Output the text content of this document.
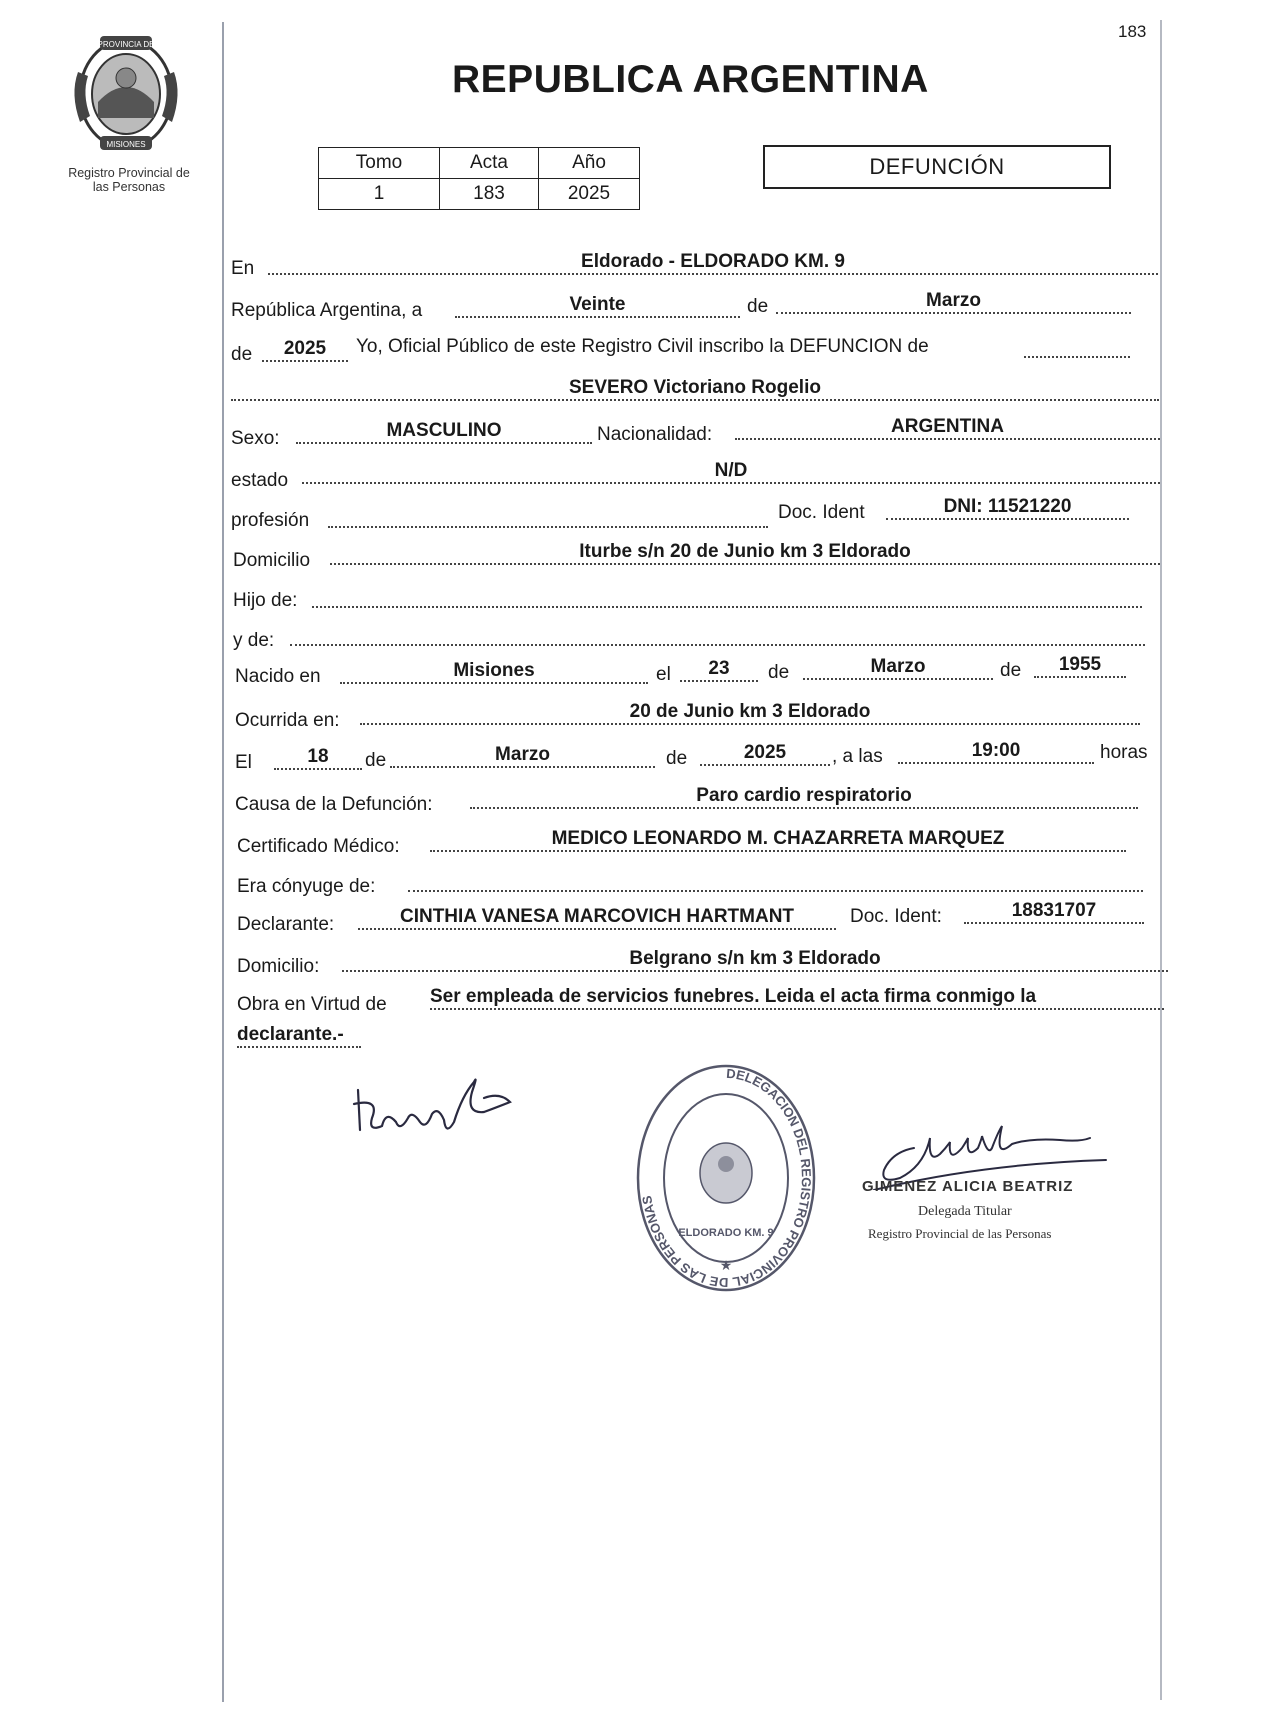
183
PROVINCIA DE
MISIONES
Registro Provincial de
las Personas
REPUBLICA ARGENTINA
Tomo	Acta	Año
1	183	2025
DEFUNCIÓN
En	Eldorado - ELDORADO KM. 9
República Argentina, a	Veinte	de	Marzo
de	2025	Yo, Oficial Público de este Registro Civil inscribo la DEFUNCION de
SEVERO Victoriano Rogelio
Sexo:	MASCULINO	Nacionalidad:	ARGENTINA
estado	N/D
profesión	Doc. Ident	DNI: 11521220
Domicilio	Iturbe s/n 20 de Junio km 3 Eldorado
Hijo de:
y de:
Nacido en	Misiones	el	23	de	Marzo	de	1955
Ocurrida en:	20 de Junio km 3 Eldorado
El	18	de	Marzo	de	2025	, a las	19:00	horas
Causa de la Defunción:	Paro cardio respiratorio
Certificado Médico:	MEDICO LEONARDO M. CHAZARRETA MARQUEZ
Era cónyuge de:
Declarante:	CINTHIA VANESA MARCOVICH HARTMANT	Doc. Ident:	18831707
Domicilio:	Belgrano s/n km 3 Eldorado
Obra en Virtud de Ser empleada de servicios funebres. Leida el acta firma conmigo la
declarante.-
DELEGACION DEL REGISTRO PROVINCIAL DE LAS PERSONAS
ELDORADO KM. 9
★
GIMENEZ ALICIA BEATRIZ
Delegada Titular
Registro Provincial de las Personas
